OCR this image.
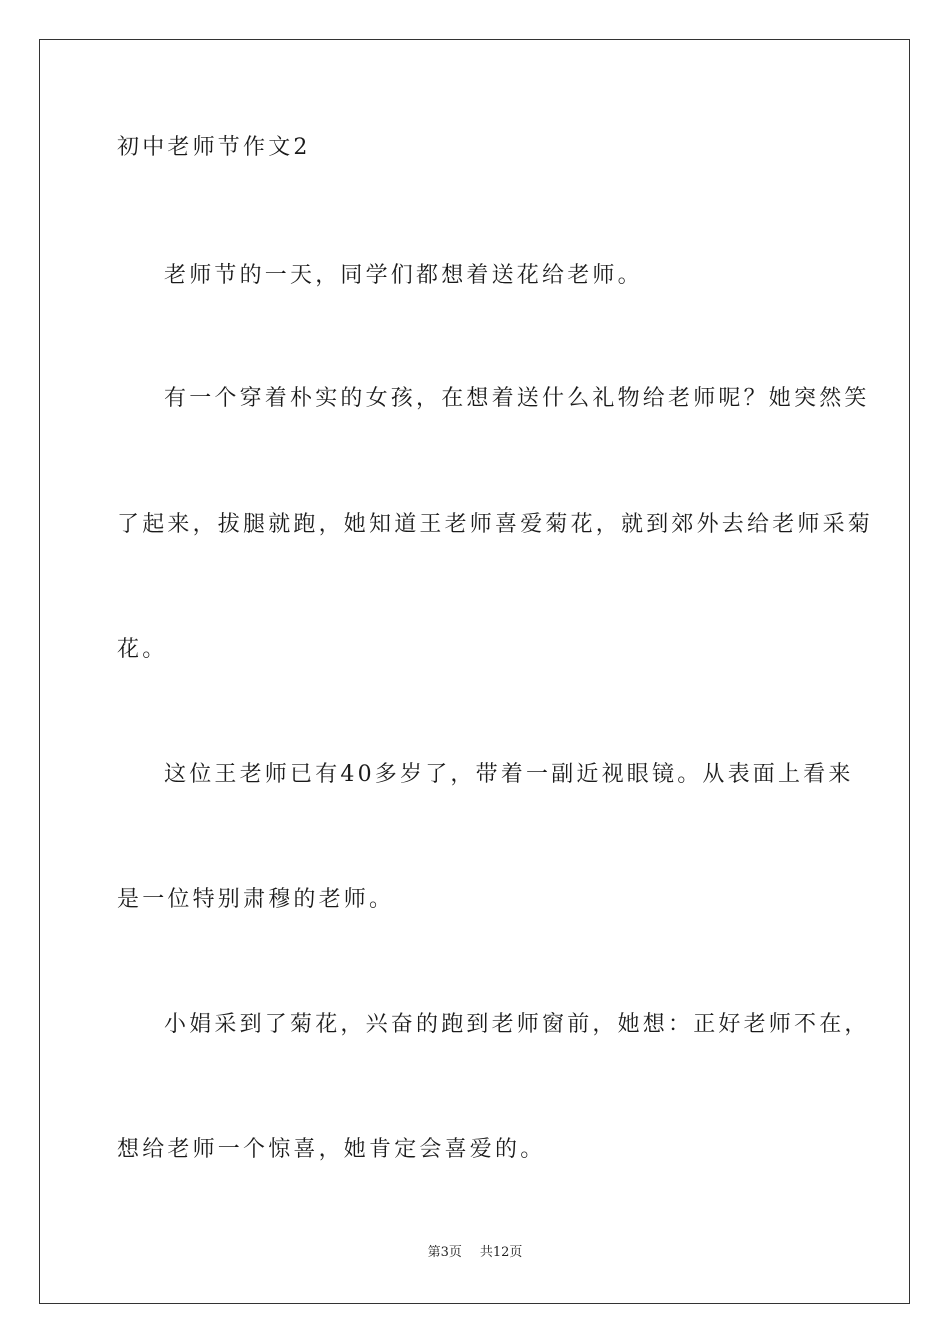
初中老师节作文2
老师节的一天，同学们都想着送花给老师。
有一个穿着朴实的女孩，在想着送什么礼物给老师呢？她突然笑
了起来，拔腿就跑，她知道王老师喜爱菊花，就到郊外去给老师采菊
花。
这位王老师已有40多岁了，带着一副近视眼镜。从表面上看来
是一位特别肃穆的老师。
小娟采到了菊花，兴奋的跑到老师窗前，她想：正好老师不在，
想给老师一个惊喜，她肯定会喜爱的。
第3页 共12页
